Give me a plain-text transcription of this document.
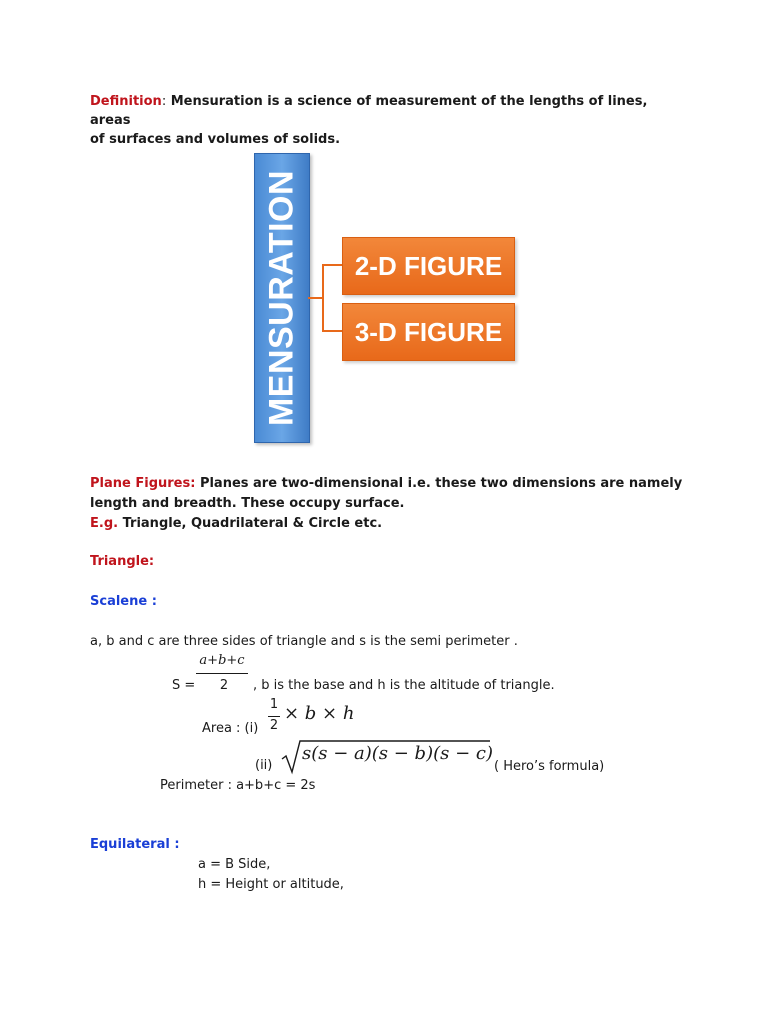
Definition: Mensuration is a science of measurement of the lengths of lines, areas
of surfaces and volumes of solids.
MENSURATION	2-D FIGURE
3-D FIGURE
Plane Figures: Planes are two-dimensional i.e. these two dimensions are namely
length and breadth. These occupy surface.
E.g. Triangle, Quadrilateral & Circle etc.
Triangle:
Scalene :
a, b and c are three sides of triangle and s is the semi perimeter .
a+b+c
S =	2	, b is the base and h is the altitude of triangle.
Area : (i)
1
2
× b × h
(ii)
s(s − a)(s − b)(s − c)
( Hero’s formula)
Perimeter : a+b+c = 2s
Equilateral :
a = B Side,
h = Height or altitude,
